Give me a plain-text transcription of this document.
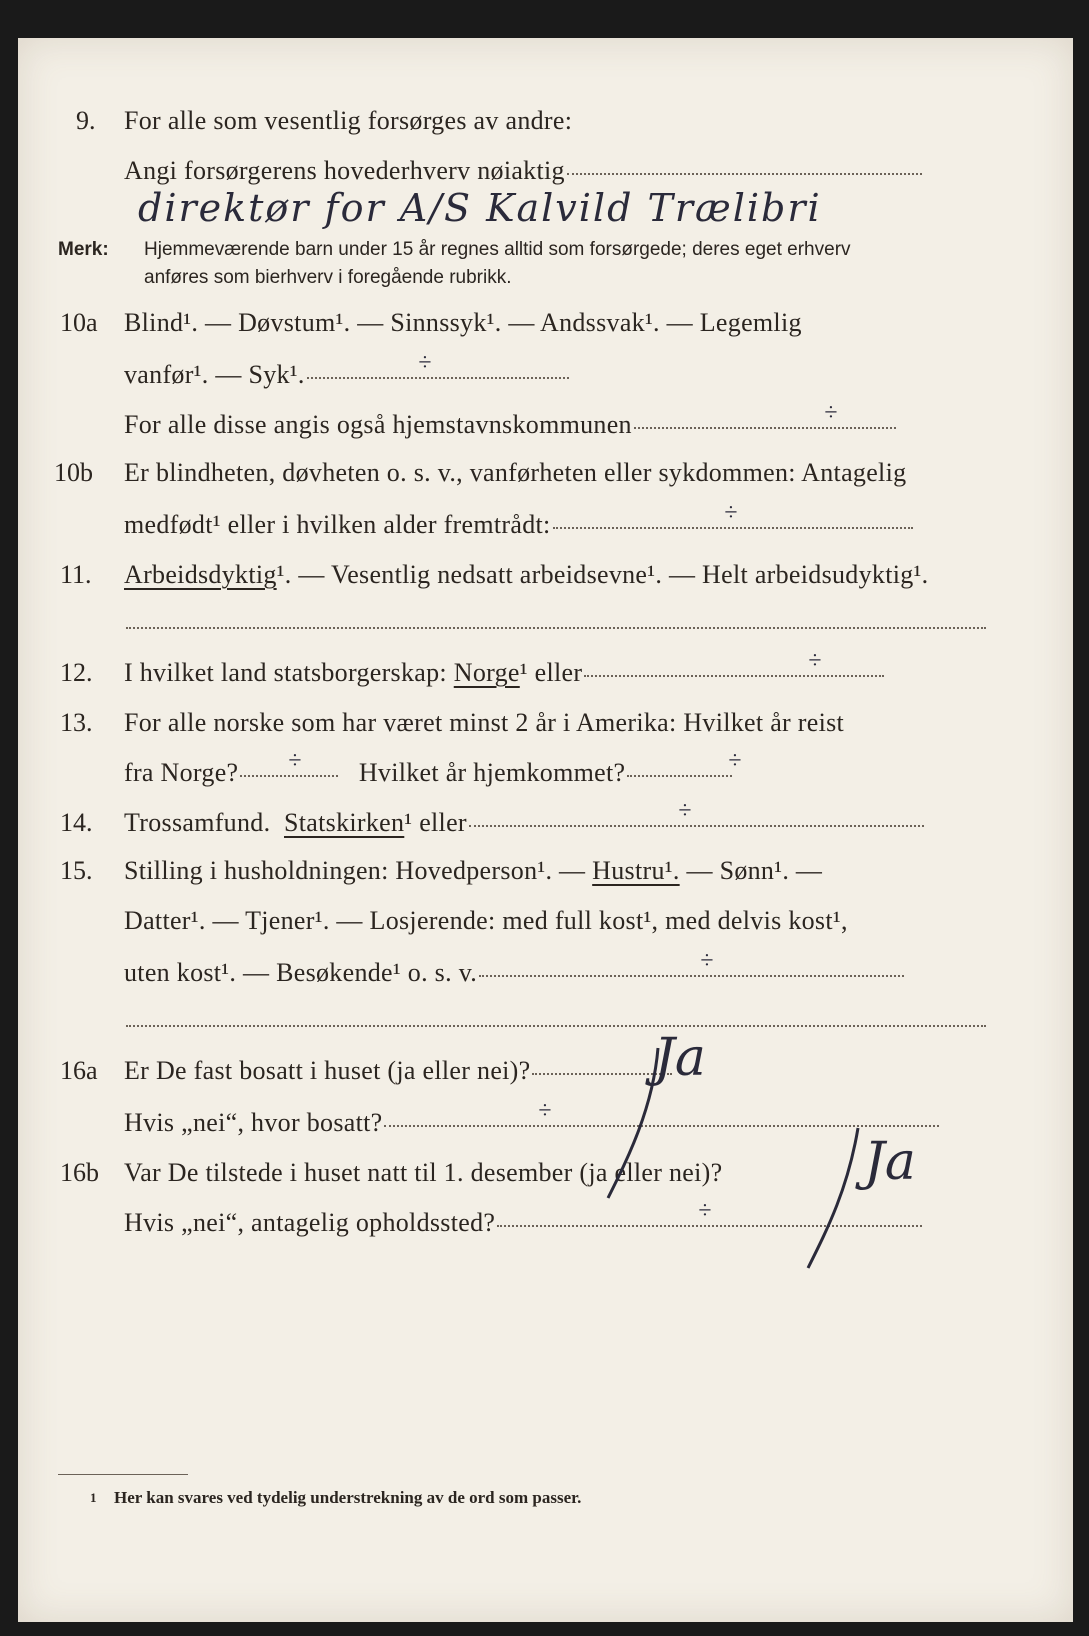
9. For alle som vesentlig forsørges av andre:
Angi forsørgerens hovederhverv nøiaktig
direktør for A/S Kalvild Trælibri
Merk: Hjemmeværende barn under 15 år regnes alltid som forsørgede; deres eget erhverv
anføres som bierhverv i foregående rubrikk.
10a Blind¹. — Døvstum¹. — Sinnssyk¹. — Andssvak¹. — Legemlig
vanfør¹. — Syk¹.	÷
For alle disse angis også hjemstavnskommunen	÷
10b Er blindheten, døvheten o. s. v., vanførheten eller sykdommen: Antagelig
medfødt¹ eller i hvilken alder fremtrådt:	÷
11. Arbeidsdyktig¹. — Vesentlig nedsatt arbeidsevne¹. — Helt arbeidsudyktig¹.
12. I hvilket land statsborgerskap: Norge¹ eller	÷
13. For alle norske som har været minst 2 år i Amerika: Hvilket år reist
fra Norge?	Hvilket år hjemkommet?
÷	÷
14. Trossamfund. Statskirken¹ eller	÷
15. Stilling i husholdningen: Hovedperson¹. — Hustru¹. — Sønn¹. —
Datter¹. — Tjener¹. — Losjerende: med full kost¹, med delvis kost¹,
uten kost¹. — Besøkende¹ o. s. v.	÷
16a Er De fast bosatt i huset (ja eller nei)?	Ja
Hvis „nei“, hvor bosatt?	÷
16b Var De tilstede i huset natt til 1. desember (ja eller nei)?	Ja
Hvis „nei“, antagelig opholdssted?	÷
1 Her kan svares ved tydelig understrekning av de ord som passer.
